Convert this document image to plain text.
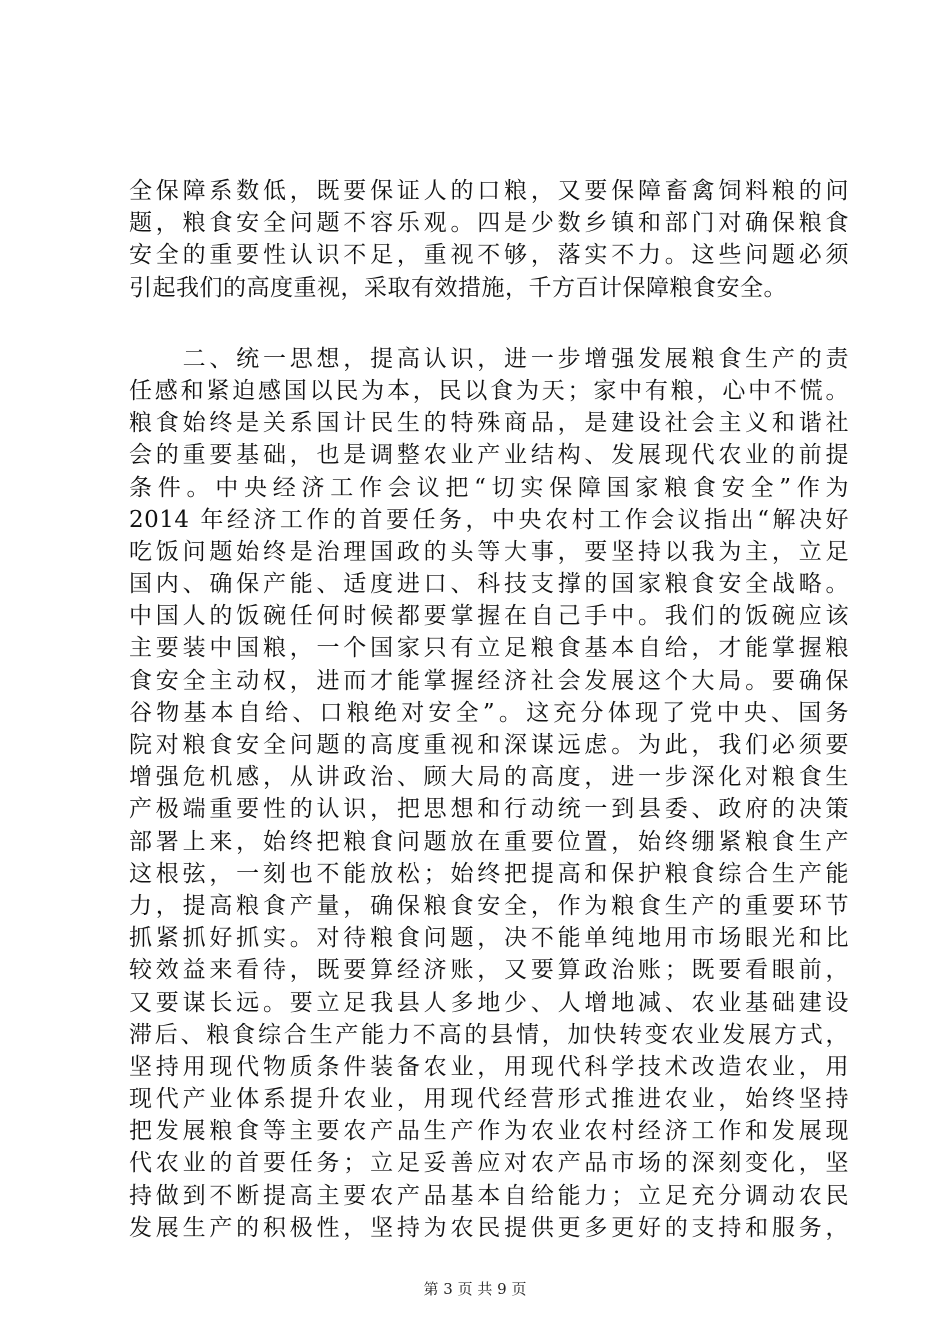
全保障系数低，既要保证人的口粮，又要保障畜禽饲料粮的问
题，粮食安全问题不容乐观。四是少数乡镇和部门对确保粮食
安全的重要性认识不足，重视不够，落实不力。这些问题必须
引起我们的高度重视，采取有效措施，千方百计保障粮食安全。
　　二、统一思想，提高认识，进一步增强发展粮食生产的责
任感和紧迫感国以民为本，民以食为天；家中有粮，心中不慌。
粮食始终是关系国计民生的特殊商品，是建设社会主义和谐社
会的重要基础，也是调整农业产业结构、发展现代农业的前提
条件。中央经济工作会议把“切实保障国家粮食安全”作为
2014 年经济工作的首要任务，中央农村工作会议指出“解决好
吃饭问题始终是治理国政的头等大事，要坚持以我为主，立足
国内、确保产能、适度进口、科技支撑的国家粮食安全战略。
中国人的饭碗任何时候都要掌握在自己手中。我们的饭碗应该
主要装中国粮，一个国家只有立足粮食基本自给，才能掌握粮
食安全主动权，进而才能掌握经济社会发展这个大局。要确保
谷物基本自给、口粮绝对安全”。这充分体现了党中央、国务
院对粮食安全问题的高度重视和深谋远虑。为此，我们必须要
增强危机感，从讲政治、顾大局的高度，进一步深化对粮食生
产极端重要性的认识，把思想和行动统一到县委、政府的决策
部署上来，始终把粮食问题放在重要位置，始终绷紧粮食生产
这根弦，一刻也不能放松；始终把提高和保护粮食综合生产能
力，提高粮食产量，确保粮食安全，作为粮食生产的重要环节
抓紧抓好抓实。对待粮食问题，决不能单纯地用市场眼光和比
较效益来看待，既要算经济账，又要算政治账；既要看眼前，
又要谋长远。要立足我县人多地少、人增地减、农业基础建设
滞后、粮食综合生产能力不高的县情，加快转变农业发展方式，
坚持用现代物质条件装备农业，用现代科学技术改造农业，用
现代产业体系提升农业，用现代经营形式推进农业，始终坚持
把发展粮食等主要农产品生产作为农业农村经济工作和发展现
代农业的首要任务；立足妥善应对农产品市场的深刻变化，坚
持做到不断提高主要农产品基本自给能力；立足充分调动农民
发展生产的积极性，坚持为农民提供更多更好的支持和服务，
第 3 页 共 9 页
